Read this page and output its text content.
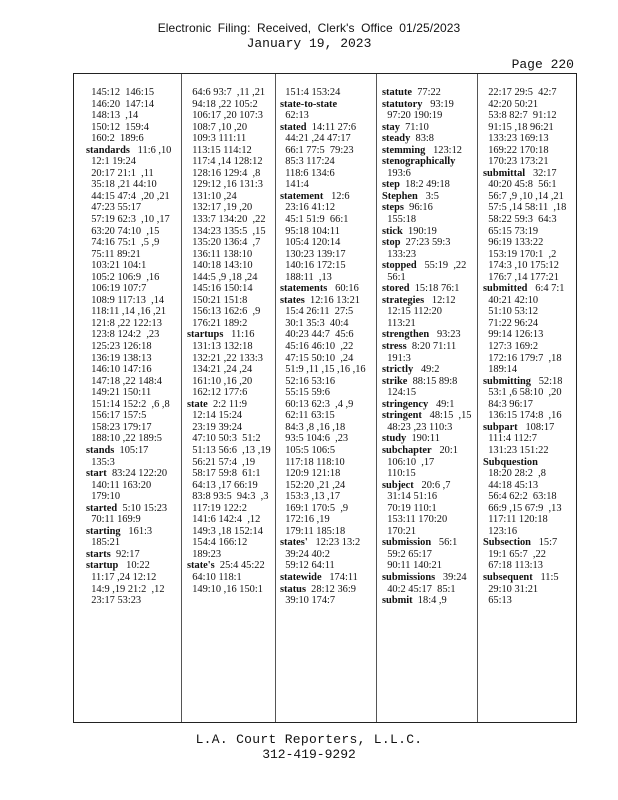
Electronic Filing: Received, Clerk's Office 01/25/2023
January 19, 2023
Page 220
145:12  146:15
146:20  147:14
148:13  ,14
150:12  159:4
160:2  189:6
standards   11:6 ,10
12:1 19:24
20:17 21:1  ,11
35:18 ,21 44:10
44:15 47:4  ,20 ,21
47:23 55:17
57:19 62:3  ,10 ,17
63:20 74:10  ,15
74:16 75:1  ,5 ,9
75:11 89:21
103:21 104:1
105:2 106:9  ,16
106:19 107:7
108:9 117:13  ,14
118:11 ,14 ,16 ,21
121:8 ,22 122:13
123:8 124:2  ,23
125:23 126:18
136:19 138:13
146:10 147:16
147:18 ,22 148:4
149:21 150:11
151:14 152:2  ,6 ,8
156:17 157:5
158:23 179:17
188:10 ,22 189:5
stands  105:17
135:3
start  83:24 122:20
140:11 163:20
179:10
started  5:10 15:23
70:11 169:9
starting   161:3
185:21
starts  92:17
startup   10:22
11:17 ,24 12:12
14:9 ,19 21:2  ,12
23:17 53:23
64:6 93:7  ,11 ,21
94:18 ,22 105:2
106:17 ,20 107:3
108:7 ,10 ,20
109:3 111:11
113:15 114:12
117:4 ,14 128:12
128:16 129:4  ,8
129:12 ,16 131:3
131:10 ,24
132:17 ,19 ,20
133:7 134:20  ,22
134:23 135:5  ,15
135:20 136:4  ,7
136:11 138:10
140:18 143:10
144:5 ,9 ,18 ,24
145:16 150:14
150:21 151:8
156:13 162:6  ,9
176:21 189:2
startups   11:16
131:13 132:18
132:21 ,22 133:3
134:21 ,24 ,24
161:10 ,16 ,20
162:12 177:6
state  2:2 11:9
12:14 15:24
23:19 39:24
47:10 50:3  51:2
51:13 56:6  ,13 ,19
56:21 57:4  ,19
58:17 59:8  61:1
64:13 ,17 66:19
83:8 93:5  94:3  ,3
117:19 122:2
141:6 142:4  ,12
149:3 ,18 152:14
154:4 166:12
189:23
state's  25:4 45:22
64:10 118:1
149:10 ,16 150:1
151:4 153:24
state-to-state
62:13
stated  14:11 27:6
44:21 ,24 47:17
66:1 77:5  79:23
85:3 117:24
118:6 134:6
141:4
statement   12:6
23:16 41:12
45:1 51:9  66:1
95:18 104:11
105:4 120:14
130:23 139:17
140:16 172:15
188:11  ,13
statements   60:16
states  12:16 13:21
15:4 26:11  27:5
30:1 35:3  40:4
40:23 44:7  45:6
45:16 46:10  ,22
47:15 50:10  ,24
51:9 ,11 ,15 ,16 ,16
52:16 53:16
55:15 59:6
60:13 62:3  ,4 ,9
62:11 63:15
84:3 ,8 ,16 ,18
93:5 104:6  ,23
105:5 106:5
117:18 118:10
120:9 121:18
152:20 ,21 ,24
153:3 ,13 ,17
169:1 170:5  ,9
172:16 ,19
179:11 185:18
states'   12:23 13:2
39:24 40:2
59:12 64:11
statewide   174:11
status  28:12 36:9
39:10 174:7
statute  77:22
statutory   93:19
97:20 190:19
stay  71:10
steady  83:8
stemming   123:12
stenographically
193:6
step  18:2 49:18
Stephen   3:5
steps  96:16
155:18
stick  190:19
stop  27:23 59:3
133:23
stopped   55:19  ,22
56:1
stored  15:18 76:1
strategies   12:12
12:15 112:20
113:21
strengthen   93:23
stress  8:20 71:11
191:3
strictly   49:2
strike  88:15 89:8
124:15
stringency   49:1
stringent   48:15  ,15
48:23 ,23 110:3
study  190:11
subchapter   20:1
106:10  ,17
110:15
subject   20:6 ,7
31:14 51:16
70:19 110:1
153:11 170:20
170:21
submission   56:1
59:2 65:17
90:11 140:21
submissions   39:24
40:2 45:17  85:1
submit  18:4 ,9
22:17 29:5  42:7
42:20 50:21
53:8 82:7  91:12
91:15 ,18 96:21
133:23 169:13
169:22 170:18
170:23 173:21
submittal   32:17
40:20 45:8  56:1
56:7 ,9 ,10 ,14 ,21
57:5 ,14 58:11  ,18
58:22 59:3  64:3
65:15 73:19
96:19 133:22
153:19 170:1  ,2
174:3 ,10 175:12
176:7 ,14 177:21
submitted   6:4 7:1
40:21 42:10
51:10 53:12
71:22 96:24
99:14 126:13
127:3 169:2
172:16 179:7  ,18
189:14
submitting   52:18
53:1 ,6 58:10  ,20
84:3 96:17
136:15 174:8  ,16
subpart   108:17
111:4 112:7
131:23 151:22
Subquestion
18:20 28:2  ,8
44:18 45:13
56:4 62:2  63:18
66:9 ,15 67:9  ,13
117:11 120:18
123:16
Subsection   15:7
19:1 65:7  ,22
67:18 113:13
subsequent   11:5
29:10 31:21
65:13
L.A. Court Reporters, L.L.C.
312-419-9292
